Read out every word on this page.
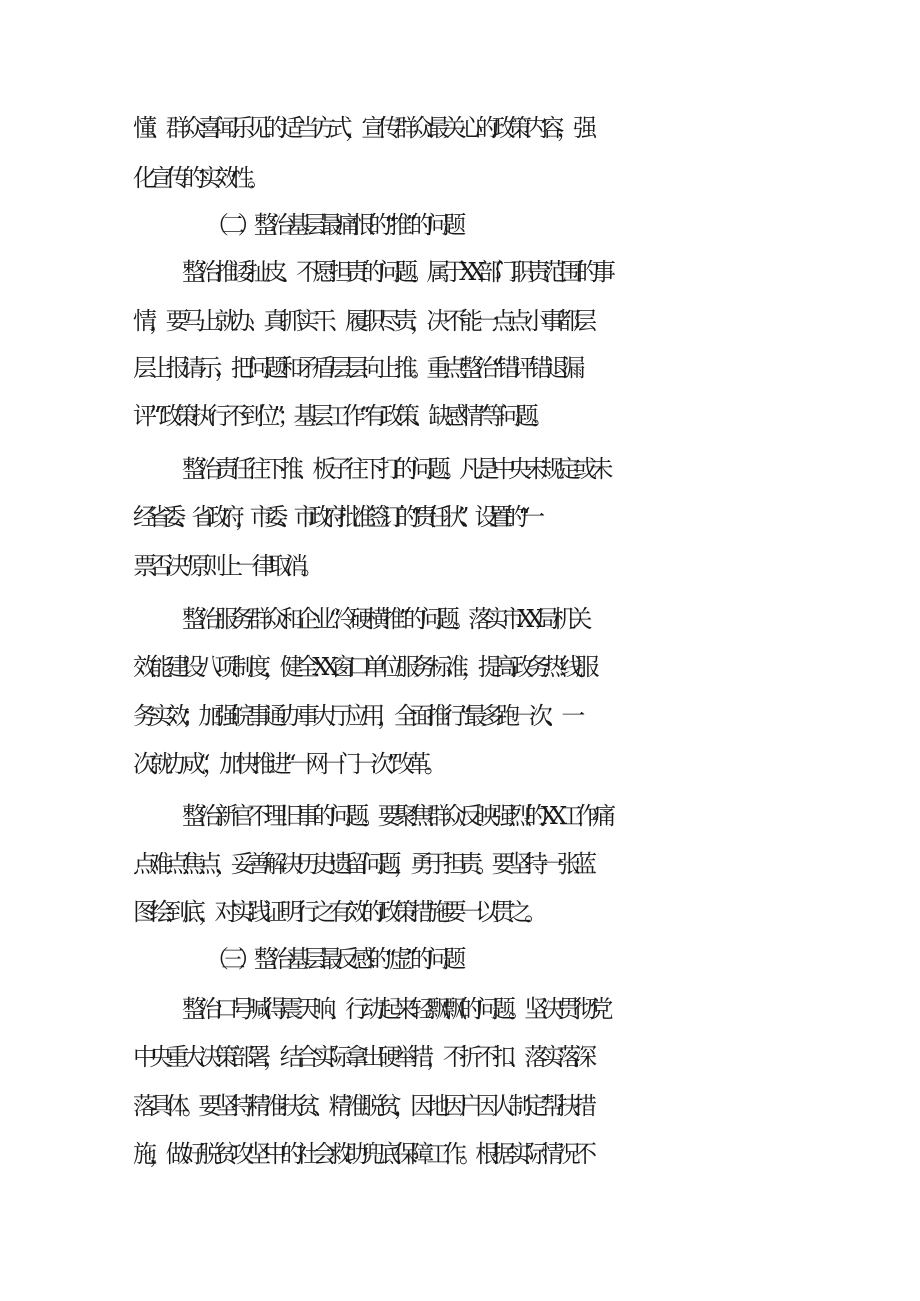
懂、群众喜闻乐见的适当方式，宣传群众最关心的政策内容，强
化宣传的实效性。
（二）整治基层最痛恨的“推”的问题
整治推诿扯皮、不愿担责的问题。属于XX部门职责范围的事
情，要马上就办、真抓实干、履职尽责，决不能一点点小事都层
层上报请示，把问题和矛盾层层向上推。重点整治“错评错退漏
评”“政策执行不到位”；基层工作“有政策、缺感情”等问题。
整治责任往下推、板子往下打的问题。凡是中央未规定或未
经省委、省政府，市委、市政府批准签订的“责任状”、设置的“一
票否决”原则上一律取消。
整治服务群众和企业“冷硬横推”的问题。落实市XX局机关
效能建设八项制度，健全XX窗口单位服务标准，提高政务热线服
务实效；加强皖事通办事大厅应用，全面推行“最多跑一次、一
次就办成“，加快推进“一网一门一次”改革。
整治新官不理旧事的问题。要聚焦群众反映强烈的XX工作痛
点难点焦点，妥善解决历史遗留问题，勇于担责。要坚持一张蓝
图绘到底，对实践证明行之有效的政策措施要一以贯之。
（三）整治基层最反感的“虚”的问题
整治口号喊得震天响、行动起来轻飘飘的问题。坚决贯彻党
中央重大决策部署，结合实际拿出硬举措，不折不扣、落实落深
落具体。要坚持精准扶贫、精准脱贫，因地因户因人制定帮扶措
施，做好脱贫攻坚中的社会救助兜底保障工作。根据实际情况不
